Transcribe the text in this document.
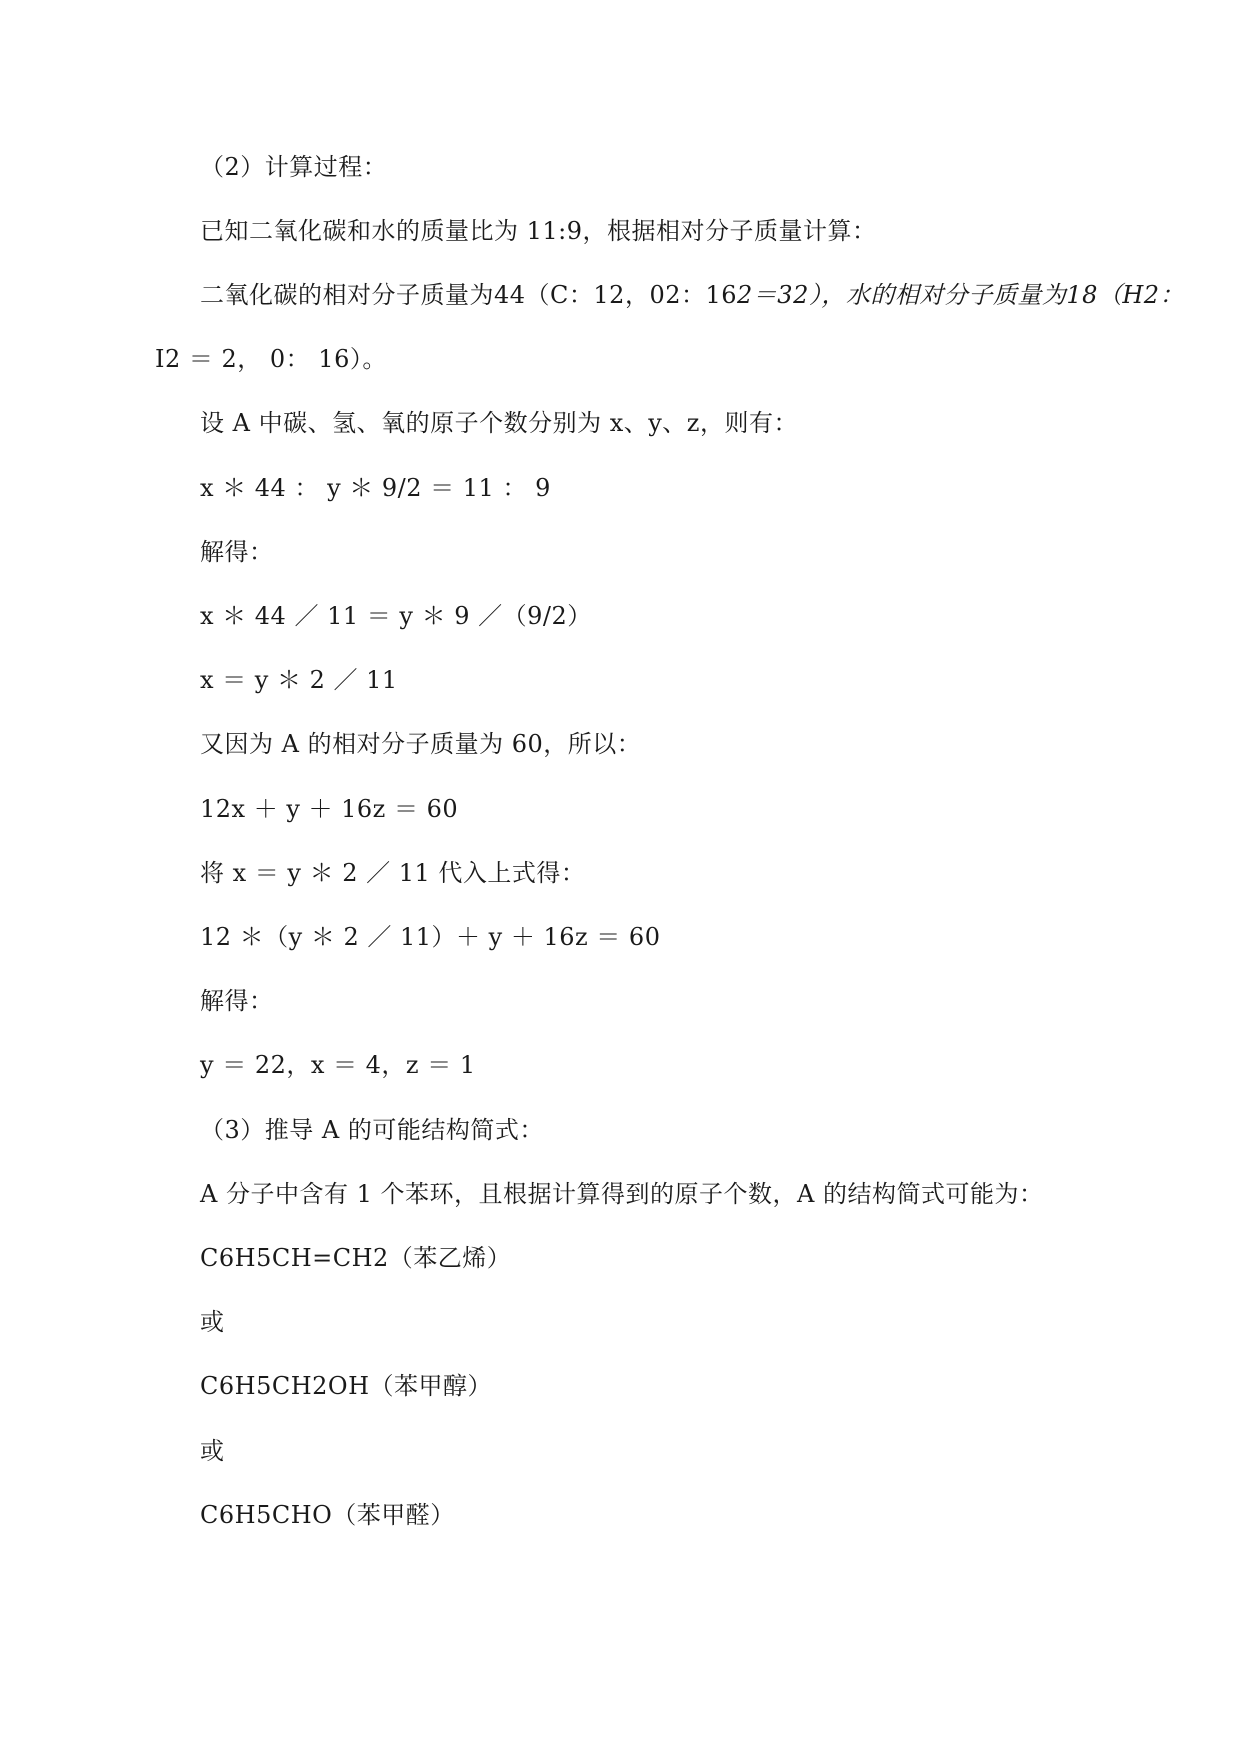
（2）计算过程：
已知二氧化碳和水的质量比为 11:9，根据相对分子质量计算：
二氧化碳的相对分子质量为44（C：12，02：162＝32），水的相对分子质量为18（H2：
I2 ＝ 2， 0： 16）。
设 A 中碳、氢、氧的原子个数分别为 x、y、z，则有：
x ＊ 44 ： y ＊ 9/2 ＝ 11 ： 9
解得：
x ＊ 44 ／ 11 ＝ y ＊ 9 ／（9/2）
x ＝ y ＊ 2 ／ 11
又因为 A 的相对分子质量为 60，所以：
12x ＋ y ＋ 16z ＝ 60
将 x ＝ y ＊ 2 ／ 11 代入上式得：
12 ＊（y ＊ 2 ／ 11）＋ y ＋ 16z ＝ 60
解得：
y ＝ 22，x ＝ 4，z ＝ 1
（3）推导 A 的可能结构简式：
A 分子中含有 1 个苯环，且根据计算得到的原子个数，A 的结构简式可能为：
C6H5CH=CH2（苯乙烯）
或
C6H5CH2OH（苯甲醇）
或
C6H5CHO（苯甲醛）
